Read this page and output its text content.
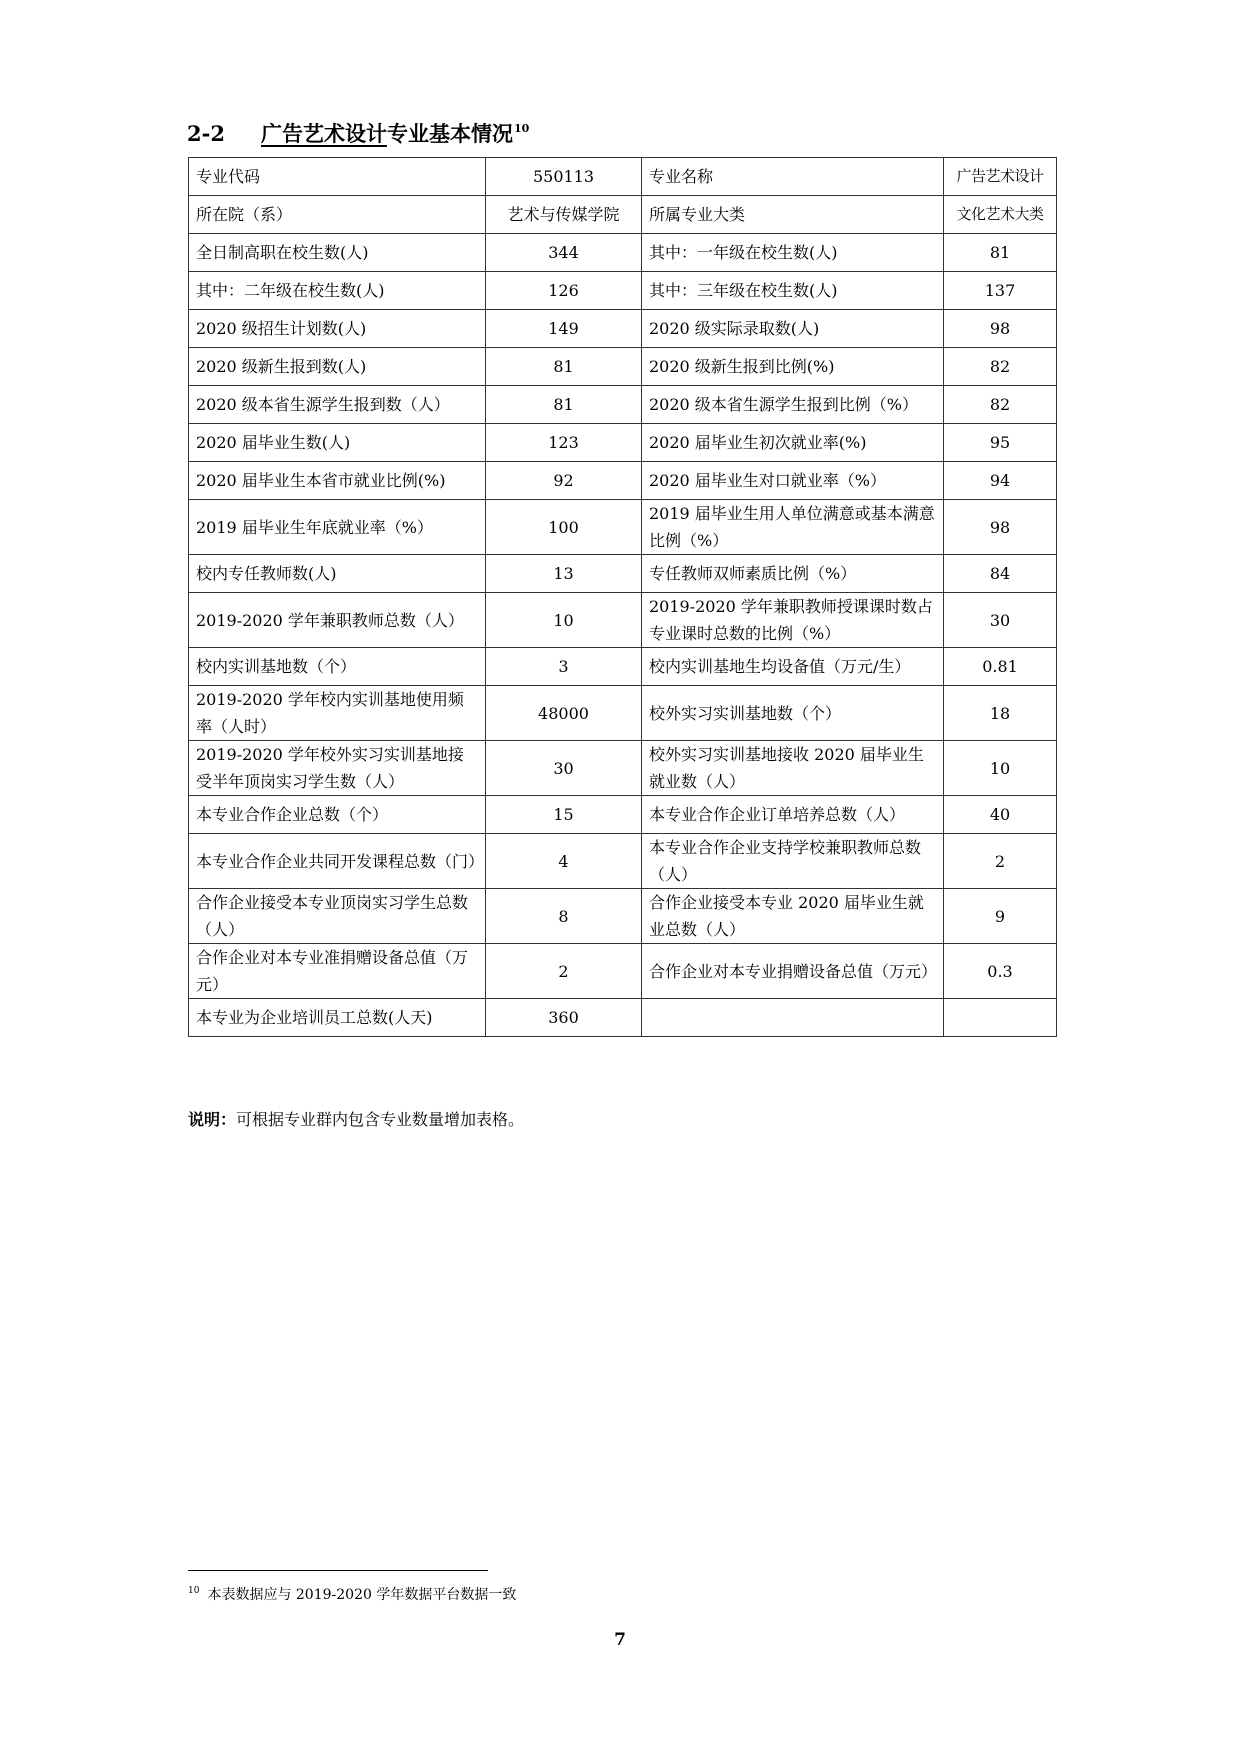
2-2 广告艺术设计专业基本情况$^{10}$
专业代码	550113	专业名称	广告艺术设计
所在院（系）	艺术与传媒学院	所属专业大类	文化艺术大类
全日制高职在校生数(人)	344	其中：一年级在校生数(人)	81
其中：二年级在校生数(人)	126	其中：三年级在校生数(人)	137
2020 级招生计划数(人)	149	2020 级实际录取数(人)	98
2020 级新生报到数(人)	81	2020 级新生报到比例(%)	82
2020 级本省生源学生报到数（人）	81	2020 级本省生源学生报到比例（%）	82
2020 届毕业生数(人)	123	2020 届毕业生初次就业率(%)	95
2020 届毕业生本省市就业比例(%)	92	2020 届毕业生对口就业率（%）	94
2019 届毕业生年底就业率（%）	100	2019 届毕业生用人单位满意或基本满意比例（%）	98
校内专任教师数(人)	13	专任教师双师素质比例（%）	84
2019-2020 学年兼职教师总数（人）	10	2019-2020 学年兼职教师授课课时数占专业课时总数的比例（%）	30
校内实训基地数（个）	3	校内实训基地生均设备值（万元/生）	0.81
2019-2020 学年校内实训基地使用频率（人时）	48000	校外实习实训基地数（个）	18
2019-2020 学年校外实习实训基地接受半年顶岗实习学生数（人）	30	校外实习实训基地接收 2020 届毕业生就业数（人）	10
本专业合作企业总数（个）	15	本专业合作企业订单培养总数（人）	40
本专业合作企业共同开发课程总数（门）	4	本专业合作企业支持学校兼职教师总数（人）	2
合作企业接受本专业顶岗实习学生总数（人）	8	合作企业接受本专业 2020 届毕业生就业总数（人）	9
合作企业对本专业准捐赠设备总值（万元）	2	合作企业对本专业捐赠设备总值（万元）	0.3
本专业为企业培训员工总数(人天)	360		
说明：可根据专业群内包含专业数量增加表格。
$^{10}$ 本表数据应与 2019-2020 学年数据平台数据一致
7
